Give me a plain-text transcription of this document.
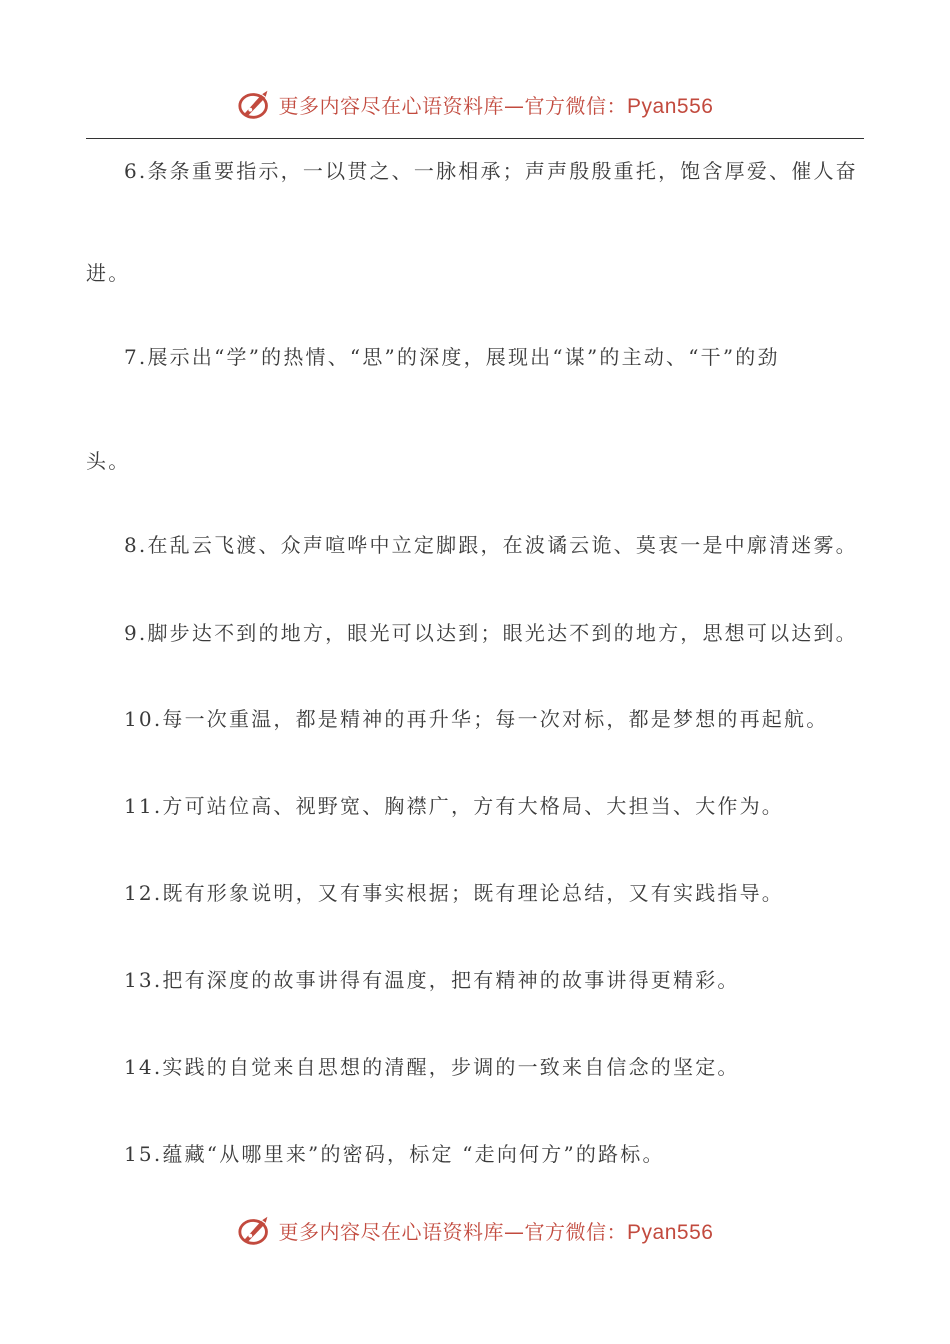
更多内容尽在心语资料库—官方微信：Pyan556

6.条条重要指示，一以贯之、一脉相承；声声殷殷重托，饱含厚爱、催人奋

进。

7.展示出“学”的热情、“思”的深度，展现出“谋”的主动、“干”的劲

头。

8.在乱云飞渡、众声喧哗中立定脚跟，在波谲云诡、莫衷一是中廓清迷雾。

9.脚步达不到的地方，眼光可以达到；眼光达不到的地方，思想可以达到。

10.每一次重温，都是精神的再升华；每一次对标，都是梦想的再起航。

11.方可站位高、视野宽、胸襟广，方有大格局、大担当、大作为。

12.既有形象说明，又有事实根据；既有理论总结，又有实践指导。

13.把有深度的故事讲得有温度，把有精神的故事讲得更精彩。

14.实践的自觉来自思想的清醒，步调的一致来自信念的坚定。

15.蕴藏“从哪里来”的密码，标定 “走向何方”的路标。

更多内容尽在心语资料库—官方微信：Pyan556
